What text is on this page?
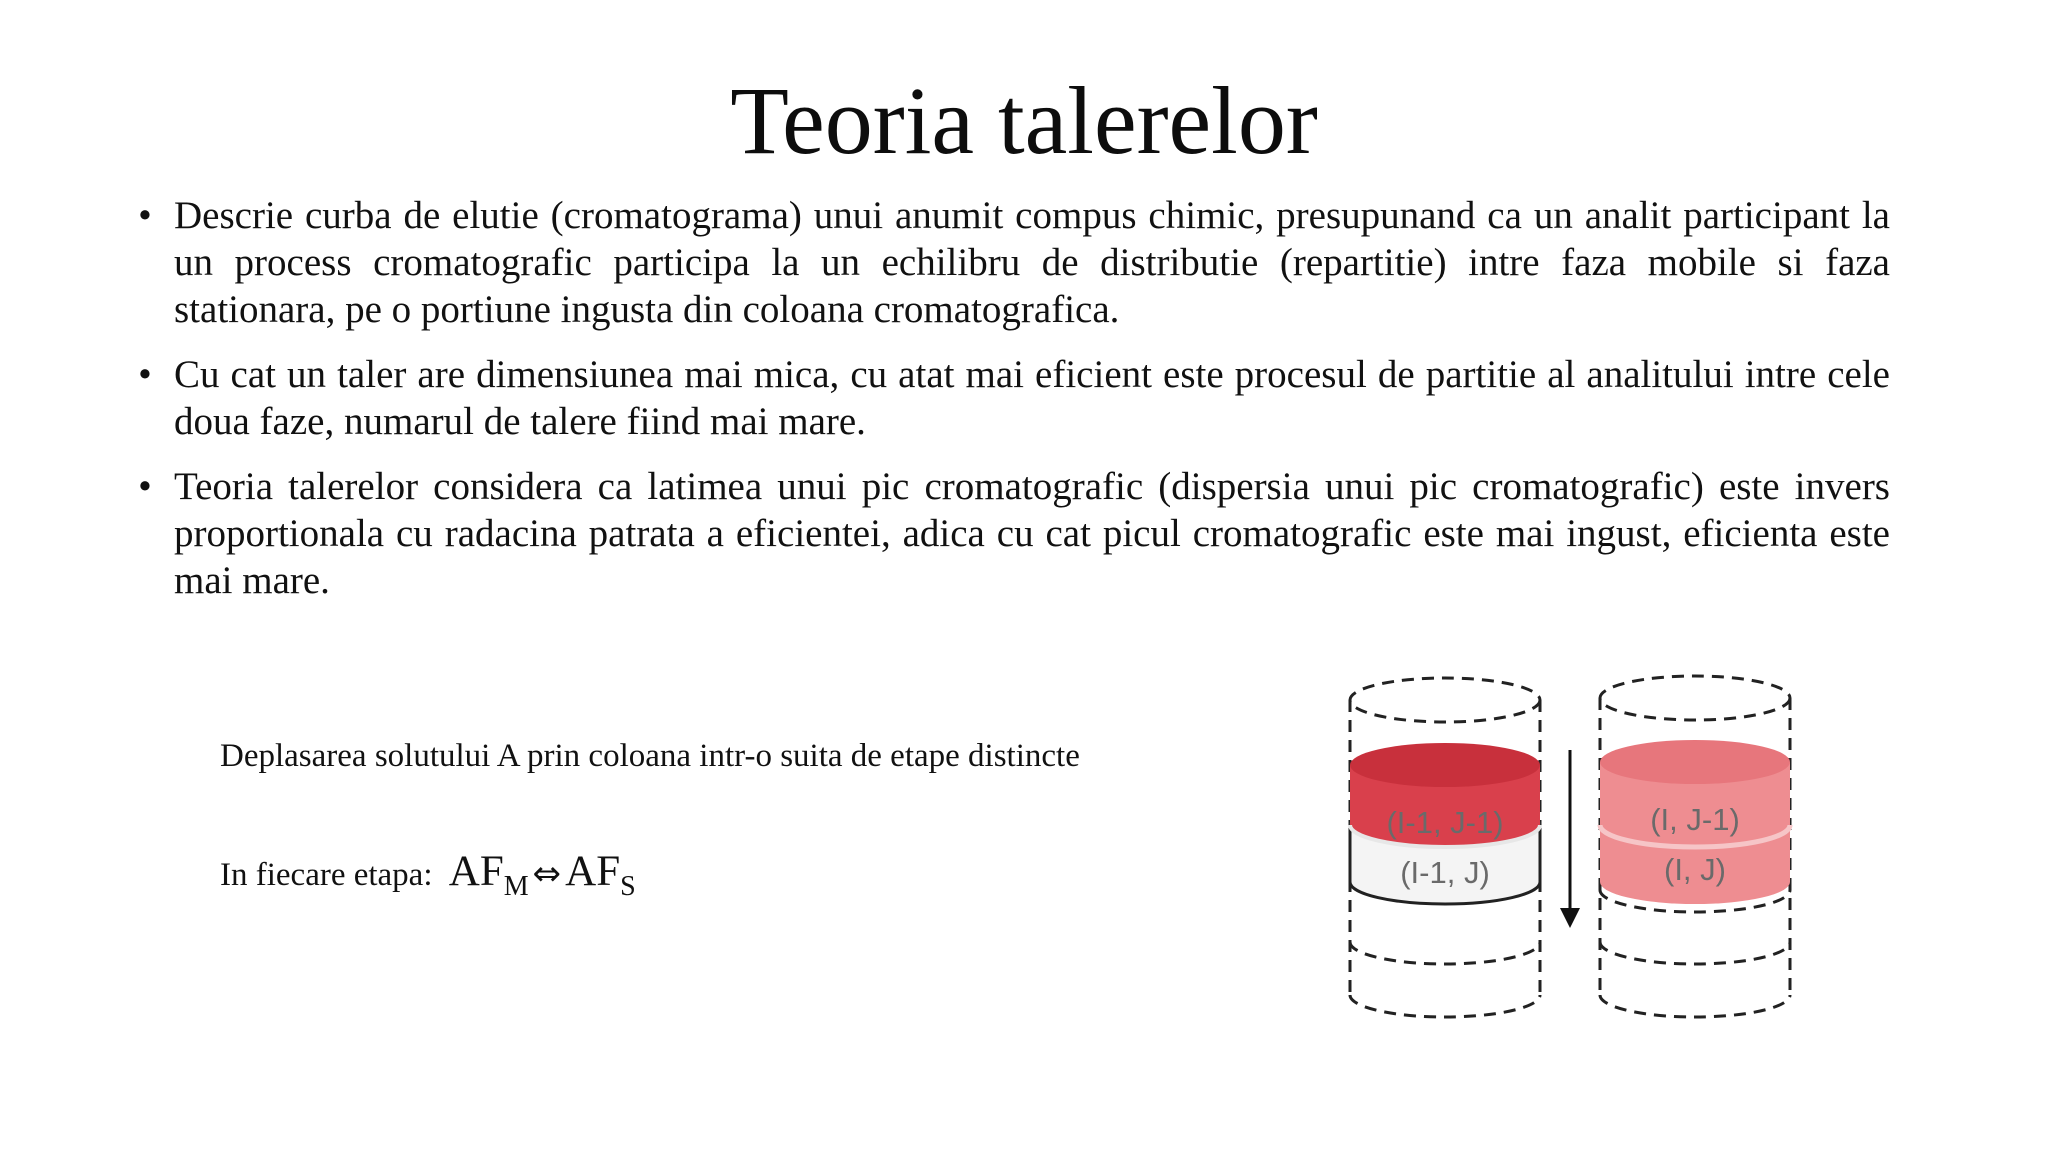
Teoria talerelor
• Descrie curba de elutie (cromatograma) unui anumit compus chimic, presupunand ca un analit participant la un process cromatografic participa la un echilibru de distributie (repartitie) intre faza mobile si faza stationara, pe o portiune ingusta din coloana cromatografica.
• Cu cat un taler are dimensiunea mai mica, cu atat mai eficient este procesul de partitie al analitului intre cele doua faze, numarul de talere fiind mai mare.
• Teoria talerelor considera ca latimea unui pic cromatografic (dispersia unui pic cromatografic) este invers proportionala cu radacina patrata a eficientei, adica cu cat picul cromatografic este mai ingust, eficienta este mai mare.
Deplasarea solutului A prin coloana intr-o suita de etape distincte
In fiecare etapa: $AF_M$ $\Leftrightarrow AF_S$
(I-1, J-1)
(I-1, J)
(I, J-1)
(I, J)
